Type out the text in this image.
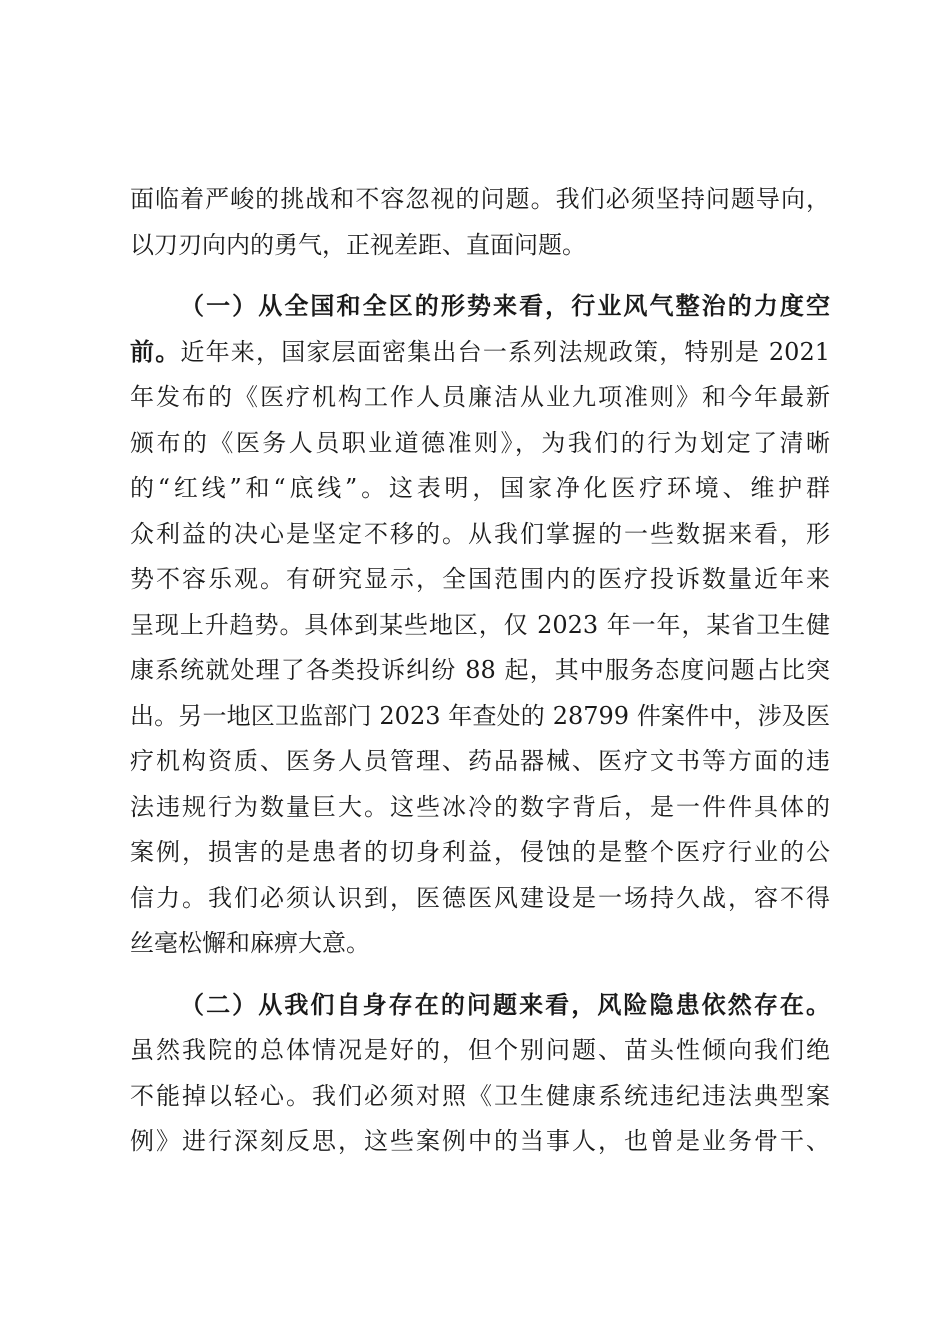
面临着严峻的挑战和不容忽视的问题。我们必须坚持问题导向，
以刀刃向内的勇气，正视差距、直面问题。
（一）从全国和全区的形势来看，行业风气整治的力度空
前。近年来，国家层面密集出台一系列法规政策，特别是 2021
年发布的《医疗机构工作人员廉洁从业九项准则》和今年最新
颁布的《医务人员职业道德准则》，为我们的行为划定了清晰
的“红线”和“底线”。这表明，国家净化医疗环境、维护群
众利益的决心是坚定不移的。从我们掌握的一些数据来看，形
势不容乐观。有研究显示，全国范围内的医疗投诉数量近年来
呈现上升趋势。具体到某些地区，仅 2023 年一年，某省卫生健
康系统就处理了各类投诉纠纷 88 起，其中服务态度问题占比突
出。另一地区卫监部门 2023 年查处的 28799 件案件中，涉及医
疗机构资质、医务人员管理、药品器械、医疗文书等方面的违
法违规行为数量巨大。这些冰冷的数字背后，是一件件具体的
案例，损害的是患者的切身利益，侵蚀的是整个医疗行业的公
信力。我们必须认识到，医德医风建设是一场持久战，容不得
丝毫松懈和麻痹大意。
（二）从我们自身存在的问题来看，风险隐患依然存在。
虽然我院的总体情况是好的，但个别问题、苗头性倾向我们绝
不能掉以轻心。我们必须对照《卫生健康系统违纪违法典型案
例》进行深刻反思，这些案例中的当事人，也曾是业务骨干、
